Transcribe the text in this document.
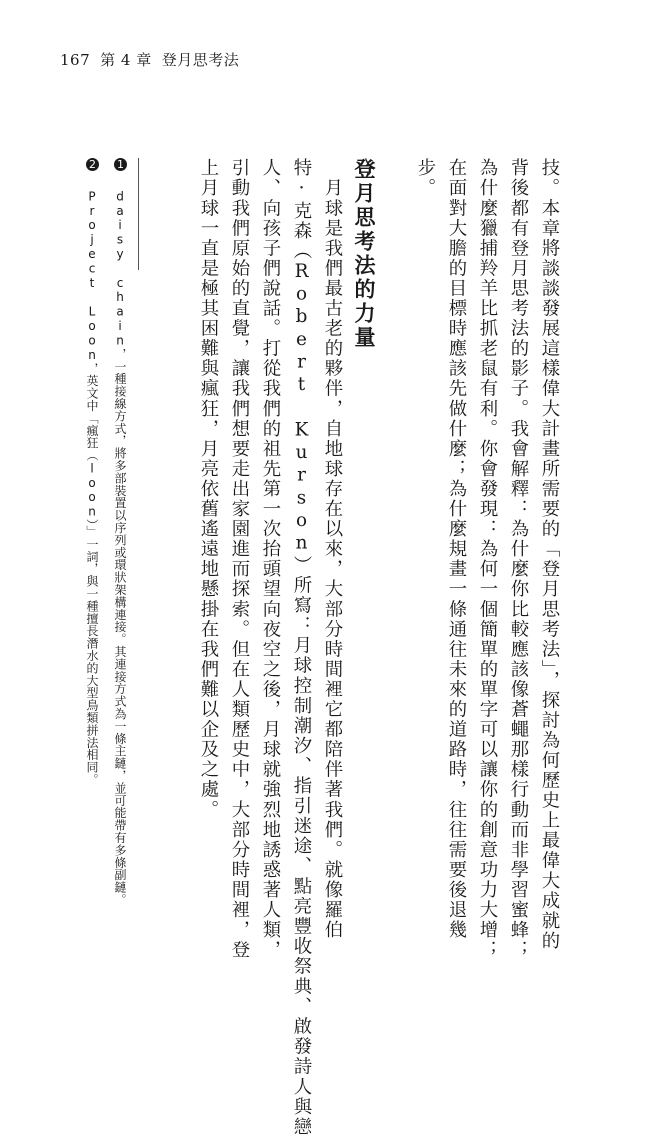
167 第 4 章 登月思考法

技。本章將談談發展這樣偉大計畫所需要的「登月思考法」，探討為何歷史上最偉大成就的

背後都有登月思考法的影子。我會解釋：為什麼你比較應該像蒼蠅那樣行動而非學習蜜蜂；

為什麼獵捕羚羊比抓老鼠有利。你會發現：為何一個簡單的單字可以讓你的創意功力大增；

在面對大膽的目標時應該先做什麼；為什麼規畫一條通往未來的道路時，往往需要後退幾

步。

登月思考法的力量

　月球是我們最古老的夥伴，自地球存在以來，大部分時間裡它都陪伴著我們。就像羅伯

特·克森（Robert Kurson）所寫：月球控制潮汐、指引迷途、點亮豐收祭典、啟發詩人與戀

人、向孩子們說話。打從我們的祖先第一次抬頭望向夜空之後，月球就強烈地誘惑著人類，

引動我們原始的直覺，讓我們想要走出家園進而探索。但在人類歷史中，大部分時間裡，登

上月球一直是極其困難與瘋狂，月亮依舊遙遠地懸掛在我們難以企及之處。

1 daisy chain，一種接線方式，將多部裝置以序列或環狀架構連接。其連接方式為一條主鏈，並可能帶有多條副鏈。
2 Project Loon，英文中「瘋狂（loon）」一詞，與一種擅長潛水的大型鳥類拼法相同。
